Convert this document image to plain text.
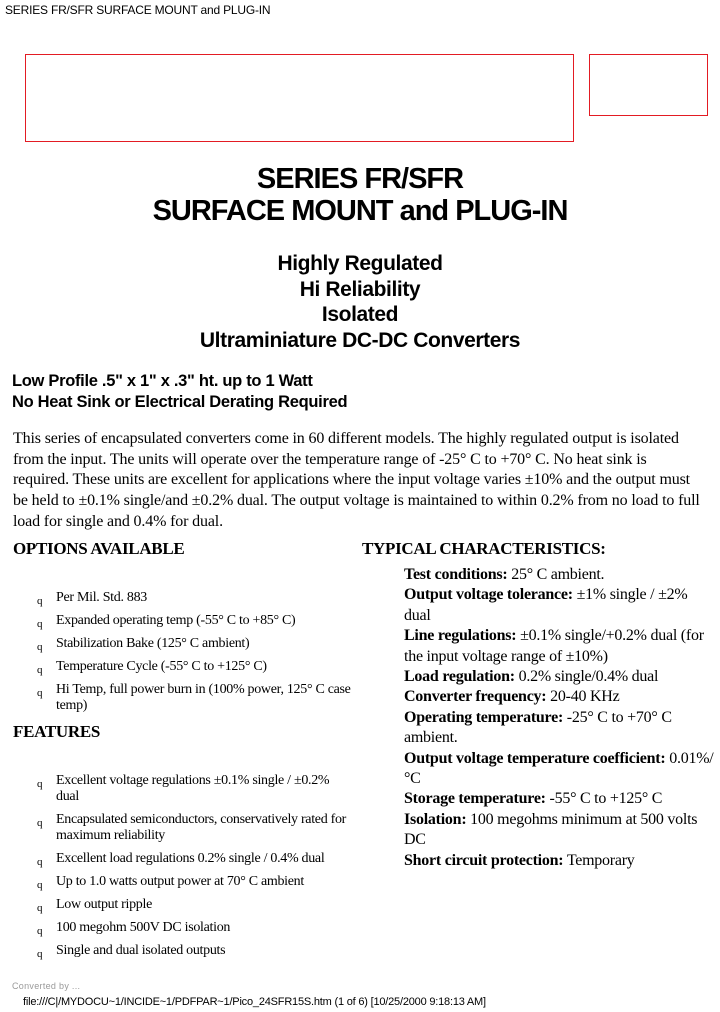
SERIES FR/SFR SURFACE MOUNT and PLUG-IN
SERIES FR/SFR
SURFACE MOUNT and PLUG-IN
Highly Regulated
Hi Reliability
Isolated
Ultraminiature DC-DC Converters
Low Profile .5" x 1" x .3" ht. up to 1 Watt
No Heat Sink or Electrical Derating Required
This series of encapsulated converters come in 60 different models. The highly regulated output is isolated from the input. The units will operate over the temperature range of -25° C to +70° C. No heat sink is required. These units are excellent for applications where the input voltage varies ±10% and the output must be held to ±0.1% single/and ±0.2% dual. The output voltage is maintained to within 0.2% from no load to full load for single and 0.4% for dual.
OPTIONS AVAILABLE
q Per Mil. Std. 883
q Expanded operating temp (-55° C to +85° C)
q Stabilization Bake (125° C ambient)
q Temperature Cycle (-55° C to +125° C)
q Hi Temp, full power burn in (100% power, 125° C case temp)
FEATURES
q Excellent voltage regulations ±0.1% single / ±0.2% dual
q Encapsulated semiconductors, conservatively rated for maximum reliability
q Excellent load regulations 0.2% single / 0.4% dual
q Up to 1.0 watts output power at 70° C ambient
q Low output ripple
q 100 megohm 500V DC isolation
q Single and dual isolated outputs
TYPICAL CHARACTERISTICS:
Test conditions: 25° C ambient.
Output voltage tolerance: ±1% single / ±2% dual
Line regulations: ±0.1% single/+0.2% dual (for the input voltage range of ±10%)
Load regulation: 0.2% single/0.4% dual
Converter frequency: 20-40 KHz
Operating temperature: -25° C to +70° C ambient.
Output voltage temperature coefficient: 0.01%/°C
Storage temperature: -55° C to +125° C
Isolation: 100 megohms minimum at 500 volts DC
Short circuit protection: Temporary
Converted by ...
file:///C|/MYDOCU~1/INCIDE~1/PDFPAR~1/Pico_24SFR15S.htm (1 of 6) [10/25/2000 9:18:13 AM]
